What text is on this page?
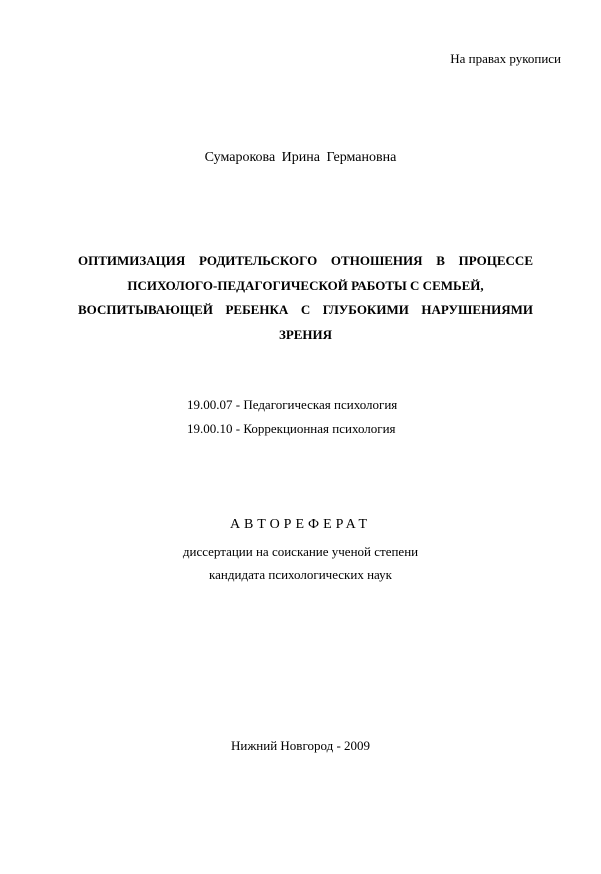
На правах рукописи
Сумарокова Ирина Германовна
ОПТИМИЗАЦИЯ РОДИТЕЛЬСКОГО ОТНОШЕНИЯ В ПРОЦЕССЕ
ПСИХОЛОГО-ПЕДАГОГИЧЕСКОЙ РАБОТЫ С СЕМЬЕЙ,
ВОСПИТЫВАЮЩЕЙ РЕБЕНКА С ГЛУБОКИМИ НАРУШЕНИЯМИ
ЗРЕНИЯ
19.00.07 - Педагогическая психология
19.00.10 - Коррекционная психология
АВТОРЕФЕРАТ
диссертации на соискание ученой степени
кандидата психологических наук
Нижний Новгород - 2009
